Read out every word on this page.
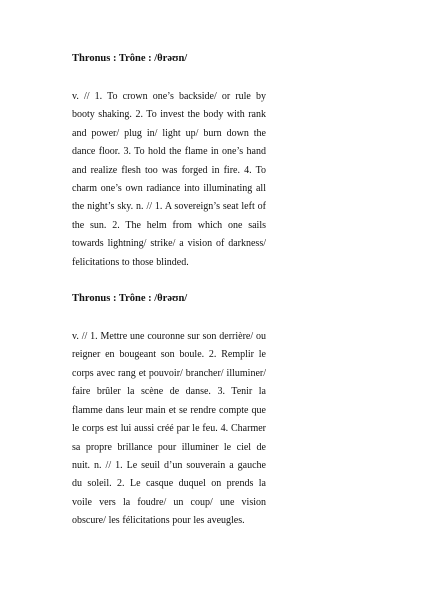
Thronus : Trône : /θrəʊn/

v. // 1. To crown one’s backside/ or rule by booty shaking. 2. To invest the body with rank and power/ plug in/ light up/ burn down the dance floor. 3. To hold the flame in one’s hand and realize flesh too was forged in fire. 4. To charm one’s own radiance into illuminating all the night’s sky. n. // 1. A sovereign’s seat left of the sun. 2. The helm from which one sails towards lightning/ strike/ a vision of darkness/ felicitations to those blinded.

Thronus : Trône : /θrəʊn/

v. // 1. Mettre une couronne sur son derrière/ ou reigner en bougeant son boule. 2. Remplir le corps avec rang et pouvoir/ brancher/ illuminer/ faire brûler la scène de danse. 3. Tenir la flamme dans leur main et se rendre compte que le corps est lui aussi créé par le feu. 4. Charmer sa propre brillance pour illuminer le ciel de nuit. n. // 1. Le seuil d’un souverain a gauche du soleil. 2. Le casque duquel on prends la voile vers la foudre/ un coup/ une vision obscure/ les félicitations pour les aveugles.
